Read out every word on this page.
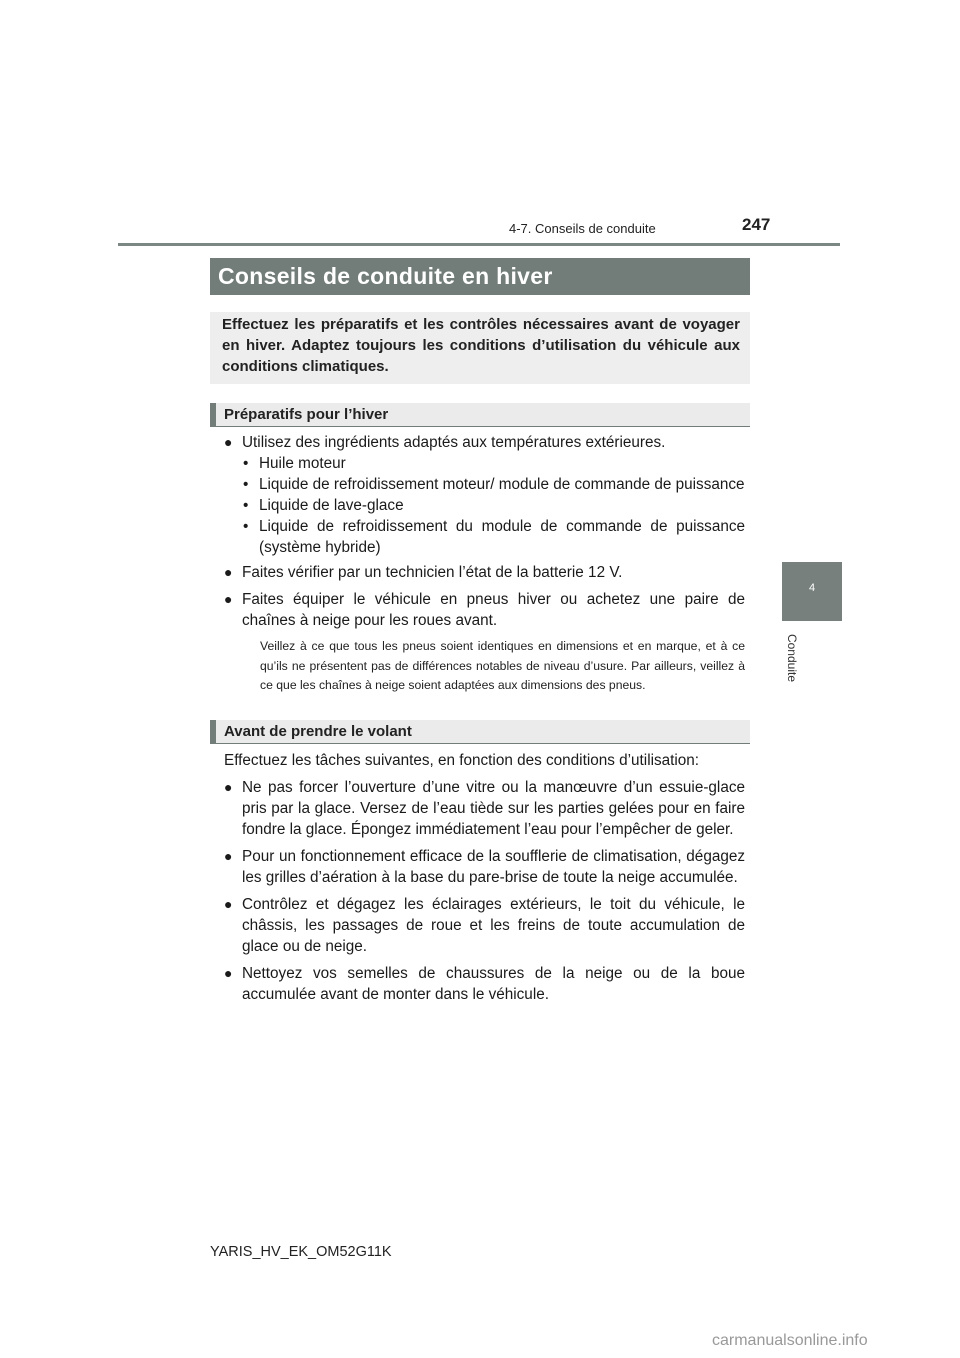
4-7. Conseils de conduite	247
4
Conduite
Conseils de conduite en hiver
Effectuez les préparatifs et les contrôles nécessaires avant de voyager en hiver. Adaptez toujours les conditions d’utilisation du véhicule aux conditions climatiques.
Préparatifs pour l’hiver
● Utilisez des ingrédients adaptés aux températures extérieures.
• Huile moteur
• Liquide de refroidissement moteur/ module de commande de puissance
• Liquide de lave-glace
• Liquide de refroidissement du module de commande de puissance (système hybride)
● Faites vérifier par un technicien l’état de la batterie 12 V.
● Faites équiper le véhicule en pneus hiver ou achetez une paire de chaînes à neige pour les roues avant.
Veillez à ce que tous les pneus soient identiques en dimensions et en marque, et à ce qu’ils ne présentent pas de différences notables de niveau d’usure. Par ailleurs, veillez à ce que les chaînes à neige soient adaptées aux dimensions des pneus.
Avant de prendre le volant
Effectuez les tâches suivantes, en fonction des conditions d’utilisation:
● Ne pas forcer l’ouverture d’une vitre ou la manœuvre d’un essuie-glace pris par la glace. Versez de l’eau tiède sur les parties gelées pour en faire fondre la glace. Épongez immédiatement l’eau pour l’empêcher de geler.
● Pour un fonctionnement efficace de la soufflerie de climatisation, dégagez les grilles d’aération à la base du pare-brise de toute la neige accumulée.
● Contrôlez et dégagez les éclairages extérieurs, le toit du véhicule, le châssis, les passages de roue et les freins de toute accumulation de glace ou de neige.
● Nettoyez vos semelles de chaussures de la neige ou de la boue accumulée avant de monter dans le véhicule.
YARIS_HV_EK_OM52G11K
carmanualsonline.info
